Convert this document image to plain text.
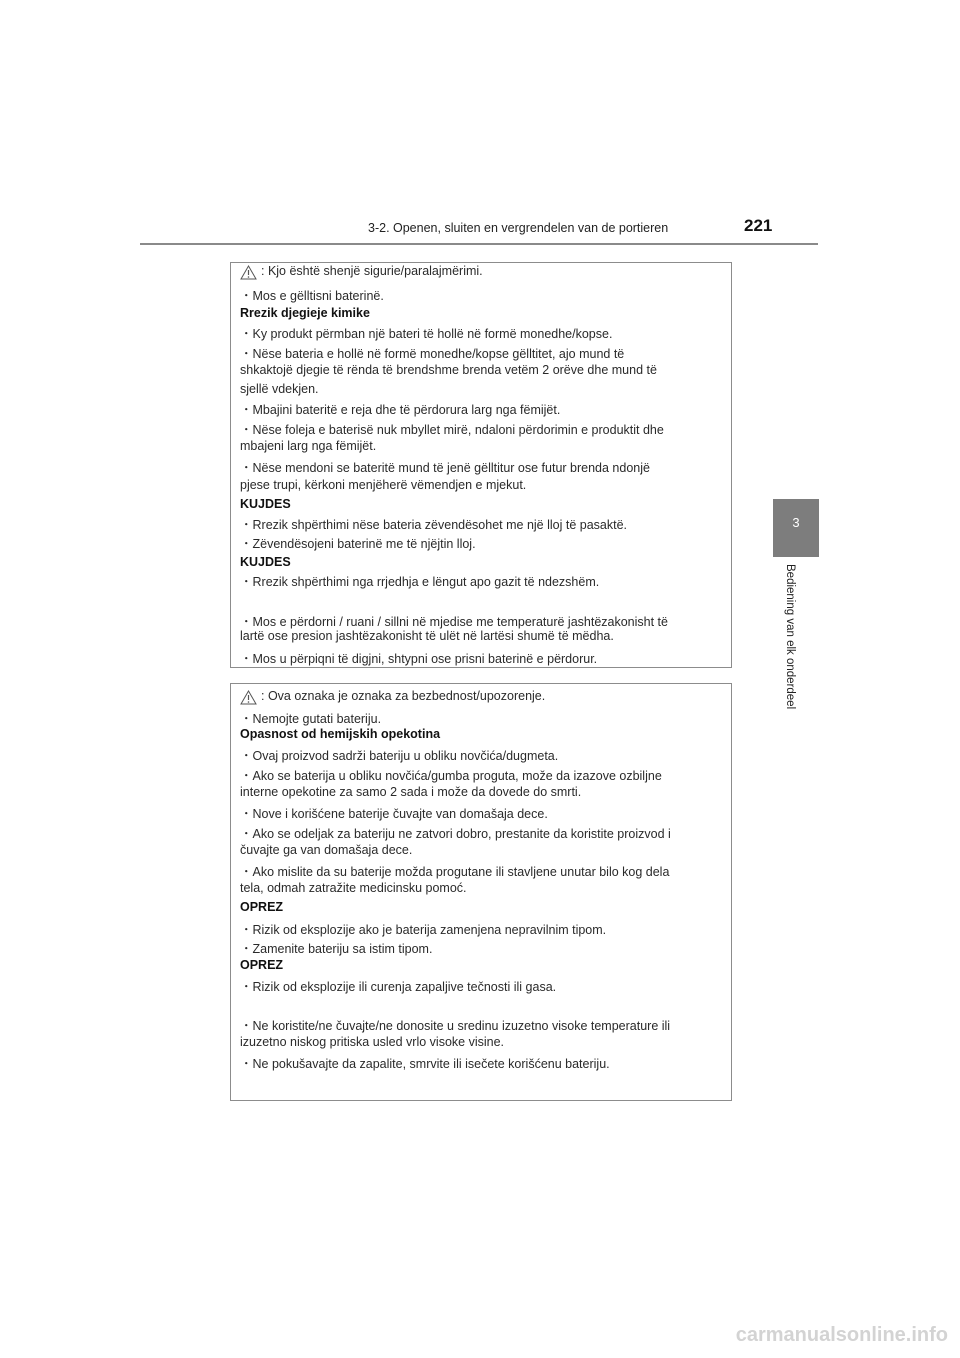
3-2. Openen, sluiten en vergrendelen van de portieren	221
3
Bediening van elk onderdeel
: Kjo është shenjë sigurie/paralajmërimi.
・Mos e gëlltisni baterinë.
Rrezik djegieje kimike
・Ky produkt përmban një bateri të hollë në formë monedhe/kopse.
・Nëse bateria e hollë në formë monedhe/kopse gëlltitet, ajo mund të
shkaktojë djegie të rënda të brendshme brenda vetëm 2 orëve dhe mund të
sjellë vdekjen.
・Mbajini bateritë e reja dhe të përdorura larg nga fëmijët.
・Nëse foleja e baterisë nuk mbyllet mirë, ndaloni përdorimin e produktit dhe
mbajeni larg nga fëmijët.
・Nëse mendoni se bateritë mund të jenë gëlltitur ose futur brenda ndonjë
pjese trupi, kërkoni menjëherë vëmendjen e mjekut.
KUJDES
・Rrezik shpërthimi nëse bateria zëvendësohet me një lloj të pasaktë.
・Zëvendësojeni baterinë me të njëjtin lloj.
KUJDES
・Rrezik shpërthimi nga rrjedhja e lëngut apo gazit të ndezshëm.
・Mos e përdorni / ruani / sillni në mjedise me temperaturë jashtëzakonisht të
lartë ose presion jashtëzakonisht të ulët në lartësi shumë të mëdha.
・Mos u përpiqni të digjni, shtypni ose prisni baterinë e përdorur.
: Ova oznaka je oznaka za bezbednost/upozorenje.
・Nemojte gutati bateriju.
Opasnost od hemijskih opekotina
・Ovaj proizvod sadrži bateriju u obliku novčića/dugmeta.
・Ako se baterija u obliku novčića/gumba proguta, može da izazove ozbiljne
interne opekotine za samo 2 sada i može da dovede do smrti.
・Nove i korišćene baterije čuvajte van domašaja dece.
・Ako se odeljak za bateriju ne zatvori dobro, prestanite da koristite proizvod i
čuvajte ga van domašaja dece.
・Ako mislite da su baterije možda progutane ili stavljene unutar bilo kog dela
tela, odmah zatražite medicinsku pomoć.
OPREZ
・Rizik od eksplozije ako je baterija zamenjena nepravilnim tipom.
・Zamenite bateriju sa istim tipom.
OPREZ
・Rizik od eksplozije ili curenja zapaljive tečnosti ili gasa.
・Ne koristite/ne čuvajte/ne donosite u sredinu izuzetno visoke temperature ili
izuzetno niskog pritiska usled vrlo visoke visine.
・Ne pokušavajte da zapalite, smrvite ili isečete korišćenu bateriju.
carmanualsonline.info
